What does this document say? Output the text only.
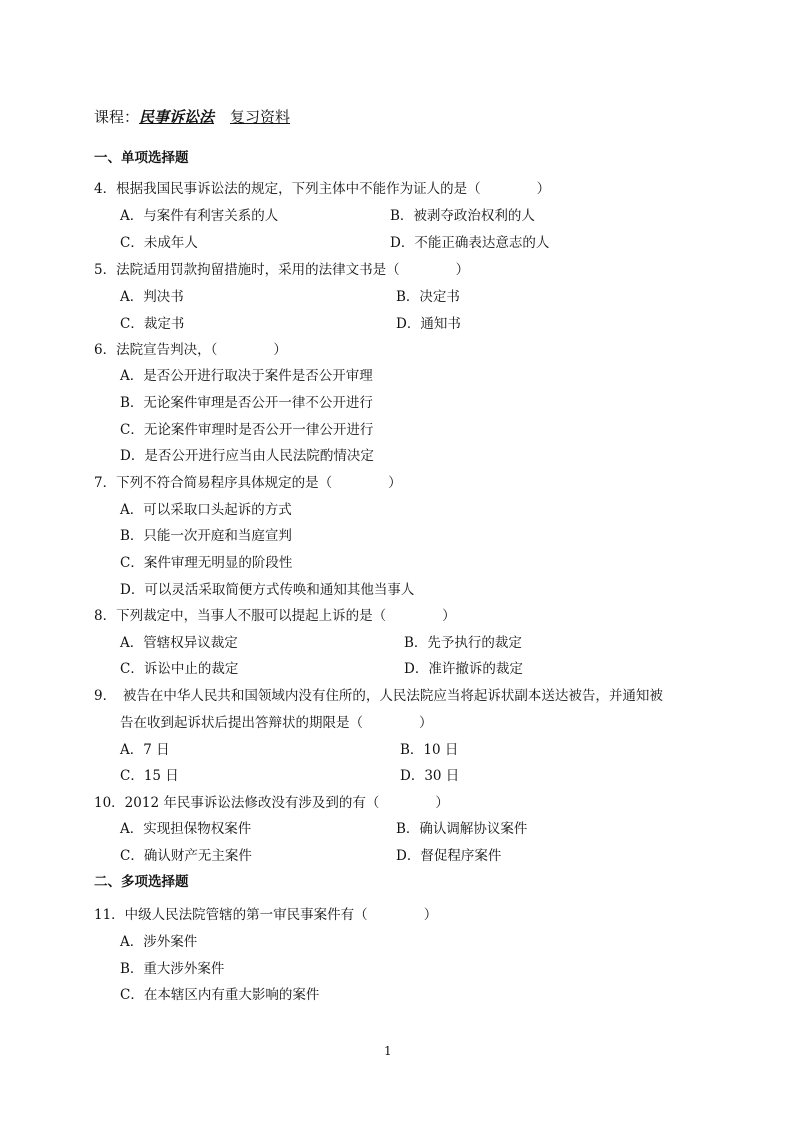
课程：民事诉讼法 复习资料
一、单项选择题
4．根据我国民事诉讼法的规定，下列主体中不能作为证人的是（	）
A．与案件有利害关系的人	B．被剥夺政治权利的人
C．未成年人	D．不能正确表达意志的人
5．法院适用罚款拘留措施时，采用的法律文书是（	）
A．判决书	B．决定书
C．裁定书	D．通知书
6．法院宣告判决，（	）
A．是否公开进行取决于案件是否公开审理
B．无论案件审理是否公开一律不公开进行
C．无论案件审理时是否公开一律公开进行
D．是否公开进行应当由人民法院酌情决定
7．下列不符合简易程序具体规定的是（	）
A．可以采取口头起诉的方式
B．只能一次开庭和当庭宣判
C．案件审理无明显的阶段性
D．可以灵活采取简便方式传唤和通知其他当事人
8．下列裁定中，当事人不服可以提起上诉的是（	）
A．管辖权异议裁定	B．先予执行的裁定
C．诉讼中止的裁定	D．准许撤诉的裁定
9．　被告在中华人民共和国领域内没有住所的，人民法院应当将起诉状副本送达被告，并通知被
告在收到起诉状后提出答辩状的期限是（	）
A．7 日	B．10 日
C．15 日	D．30 日
10．2012 年民事诉讼法修改没有涉及到的有（	）
A．实现担保物权案件	B．确认调解协议案件
C．确认财产无主案件	D．督促程序案件
二、多项选择题
11．中级人民法院管辖的第一审民事案件有（	）
A．涉外案件
B．重大涉外案件
C．在本辖区内有重大影响的案件
1
